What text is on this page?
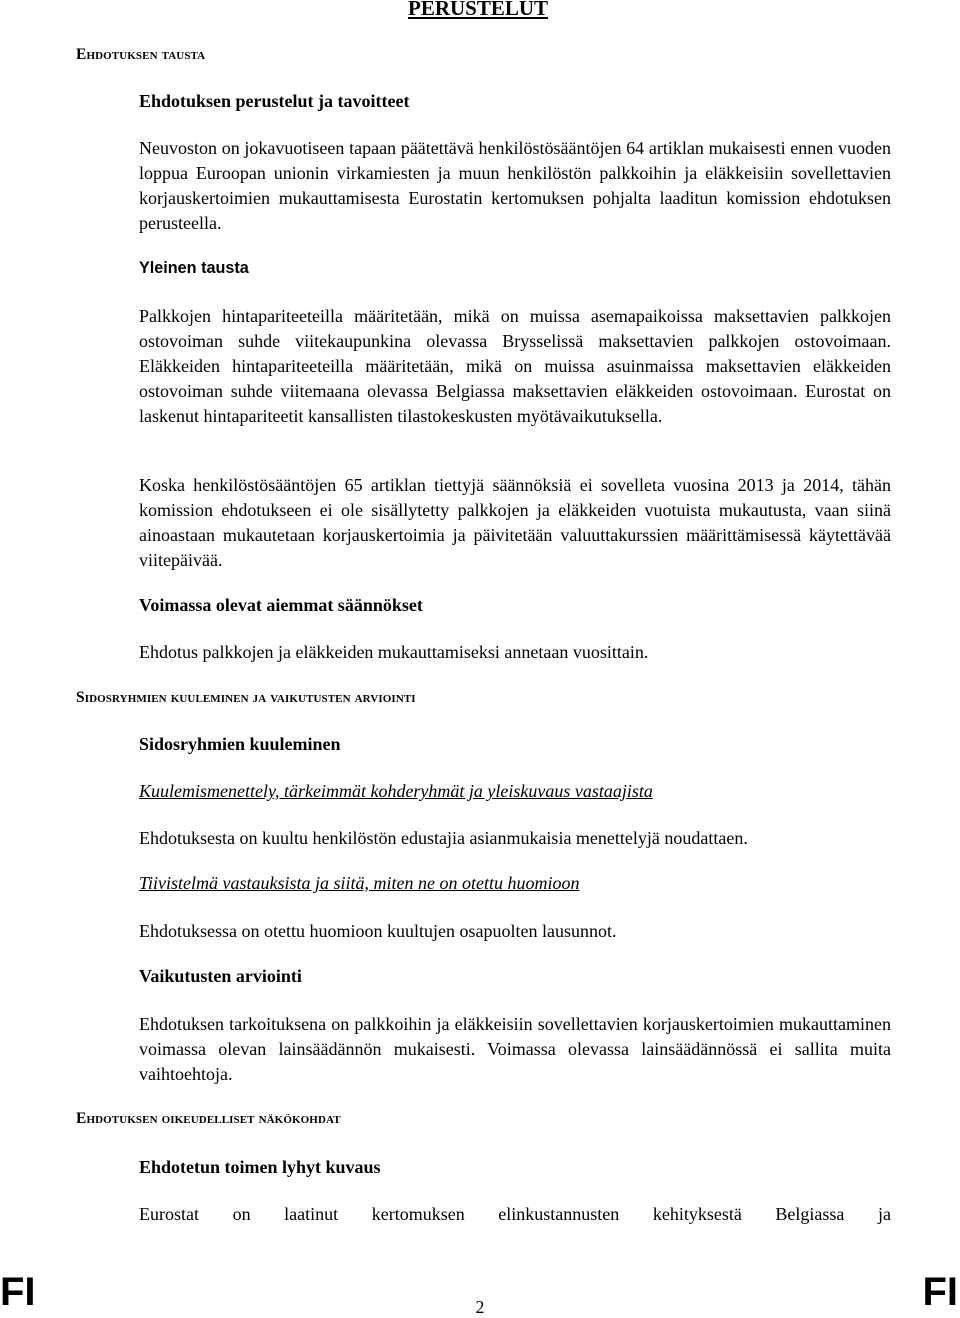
PERUSTELUT
Ehdotuksen tausta
Ehdotuksen perustelut ja tavoitteet

Neuvoston on jokavuotiseen tapaan päätettävä henkilöstösääntöjen 64 artiklan mukaisesti ennen vuoden loppua Euroopan unionin virkamiesten ja muun henkilöstön palkkoihin ja eläkkeisiin sovellettavien korjauskertoimien mukauttamisesta Eurostatin kertomuksen pohjalta laaditun komission ehdotuksen perusteella.

Yleinen tausta

Palkkojen hintapariteeteilla määritetään, mikä on muissa asemapaikoissa maksettavien palkkojen ostovoiman suhde viitekaupunkina olevassa Brysselissä maksettavien palkkojen ostovoimaan. Eläkkeiden hintapariteeteilla määritetään, mikä on muissa asuinmaissa maksettavien eläkkeiden ostovoiman suhde viitemaana olevassa Belgiassa maksettavien eläkkeiden ostovoimaan. Eurostat on laskenut hintapariteetit kansallisten tilastokeskusten myötävaikutuksella.

Koska henkilöstösääntöjen 65 artiklan tiettyjä säännöksiä ei sovelleta vuosina 2013 ja 2014, tähän komission ehdotukseen ei ole sisällytetty palkkojen ja eläkkeiden vuotuista mukautusta, vaan siinä ainoastaan mukautetaan korjauskertoimia ja päivitetään valuuttakurssien määrittämisessä käytettävää viitepäivää.

Voimassa olevat aiemmat säännökset

Ehdotus palkkojen ja eläkkeiden mukauttamiseksi annetaan vuosittain.

Sidosryhmien kuuleminen ja vaikutusten arviointi
Sidosryhmien kuuleminen
Kuulemismenettely, tärkeimmät kohderyhmät ja yleiskuvaus vastaajista

Ehdotuksesta on kuultu henkilöstön edustajia asianmukaisia menettelyjä noudattaen.

Tiivistelmä vastauksista ja siitä, miten ne on otettu huomioon

Ehdotuksessa on otettu huomioon kuultujen osapuolten lausunnot.

Vaikutusten arviointi

Ehdotuksen tarkoituksena on palkkoihin ja eläkkeisiin sovellettavien korjauskertoimien mukauttaminen voimassa olevan lainsäädännön mukaisesti. Voimassa olevassa lainsäädännössä ei sallita muita vaihtoehtoja.

Ehdotuksen oikeudelliset näkökohdat
Ehdotetun toimen lyhyt kuvaus

Eurostat on laatinut kertomuksen elinkustannusten kehityksestä Belgiassa ja

FI	2	FI
